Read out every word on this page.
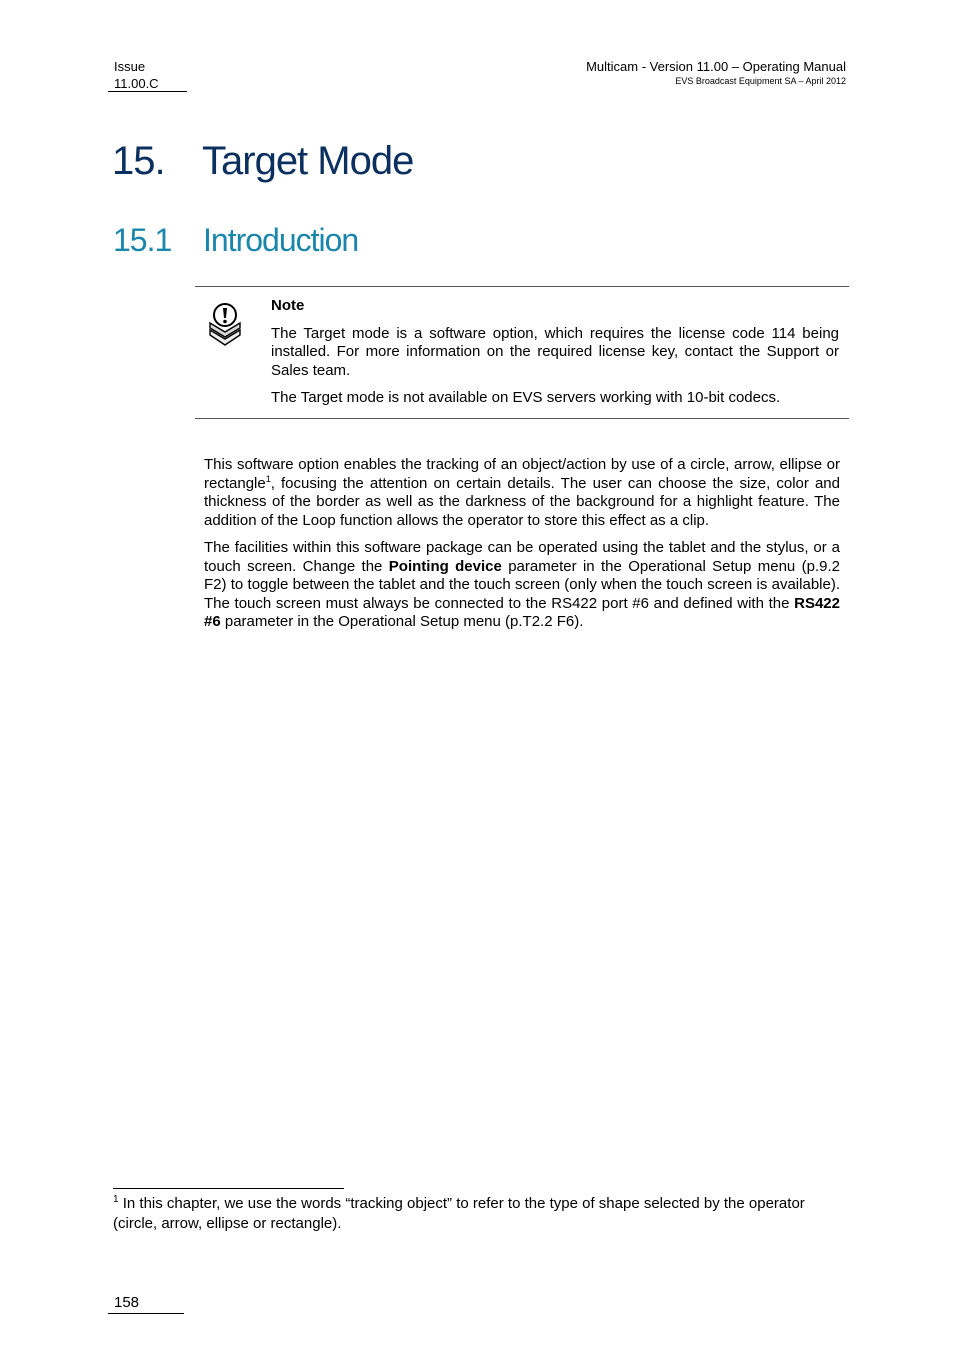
Issue
11.00.C
Multicam - Version 11.00 – Operating Manual
EVS Broadcast Equipment SA – April 2012
15. Target Mode
15.1 Introduction
Note

The Target mode is a software option, which requires the license code 114 being installed. For more information on the required license key, contact the Support or Sales team.

The Target mode is not available on EVS servers working with 10-bit codecs.

This software option enables the tracking of an object/action by use of a circle, arrow, ellipse or rectangle$^1$, focusing the attention on certain details. The user can choose the size, color and thickness of the border as well as the darkness of the background for a highlight feature. The addition of the Loop function allows the operator to store this effect as a clip.

The facilities within this software package can be operated using the tablet and the stylus, or a touch screen. Change the Pointing device parameter in the Operational Setup menu (p.9.2 F2) to toggle between the tablet and the touch screen (only when the touch screen is available). The touch screen must always be connected to the RS422 port #6 and defined with the RS422 #6 parameter in the Operational Setup menu (p.T2.2 F6).

$^1$ In this chapter, we use the words “tracking object” to refer to the type of shape selected by the operator (circle, arrow, ellipse or rectangle).
158
